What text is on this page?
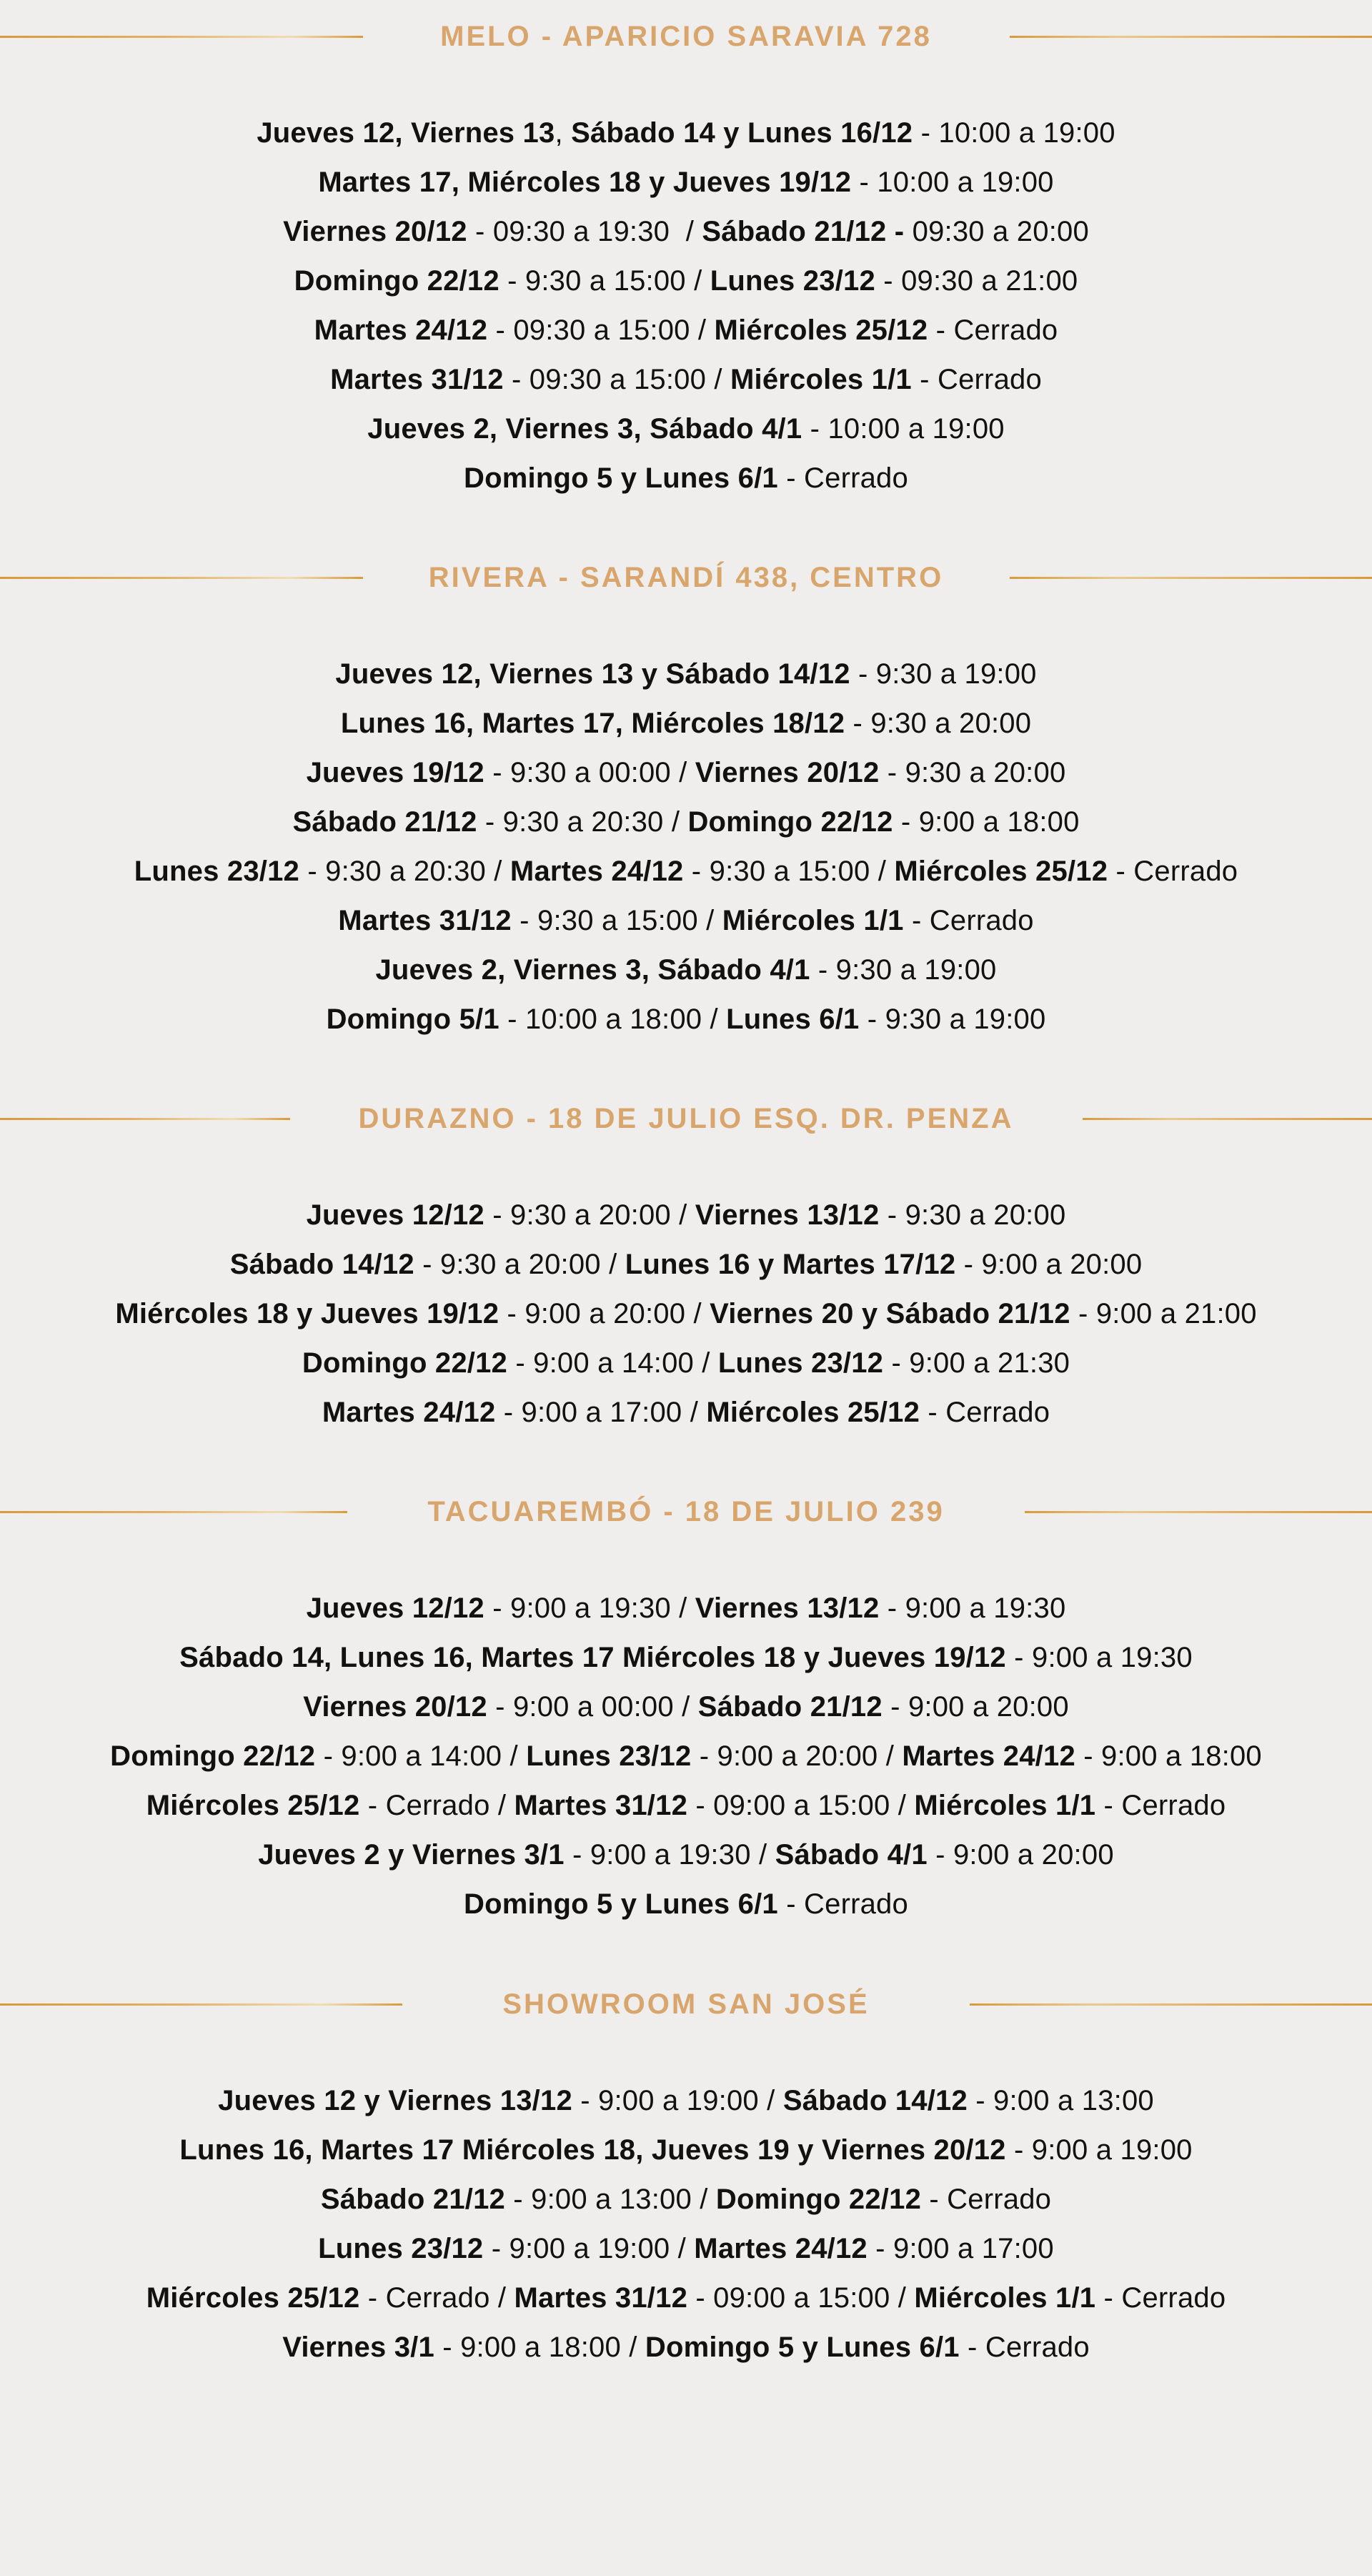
MELO - APARICIO SARAVIA 728
Jueves 12, Viernes 13, Sábado 14 y Lunes 16/12 - 10:00 a 19:00
Martes 17, Miércoles 18 y Jueves 19/12 - 10:00 a 19:00
Viernes 20/12 - 09:30 a 19:30  / Sábado 21/12 - 09:30 a 20:00
Domingo 22/12 - 9:30 a 15:00 / Lunes 23/12 - 09:30 a 21:00
Martes 24/12 - 09:30 a 15:00 / Miércoles 25/12 - Cerrado
Martes 31/12 - 09:30 a 15:00 / Miércoles 1/1 - Cerrado
Jueves 2, Viernes 3, Sábado 4/1 - 10:00 a 19:00
Domingo 5 y Lunes 6/1 - Cerrado
RIVERA - SARANDÍ 438, CENTRO
Jueves 12, Viernes 13 y Sábado 14/12 - 9:30 a 19:00
Lunes 16, Martes 17, Miércoles 18/12 - 9:30 a 20:00
Jueves 19/12 - 9:30 a 00:00 / Viernes 20/12 - 9:30 a 20:00
Sábado 21/12 - 9:30 a 20:30 / Domingo 22/12 - 9:00 a 18:00
Lunes 23/12 - 9:30 a 20:30 / Martes 24/12 - 9:30 a 15:00 / Miércoles 25/12 - Cerrado
Martes 31/12 - 9:30 a 15:00 / Miércoles 1/1 - Cerrado
Jueves 2, Viernes 3, Sábado 4/1 - 9:30 a 19:00
Domingo 5/1 - 10:00 a 18:00 / Lunes 6/1 - 9:30 a 19:00
DURAZNO - 18 DE JULIO ESQ. DR. PENZA
Jueves 12/12 - 9:30 a 20:00 / Viernes 13/12 - 9:30 a 20:00
Sábado 14/12 - 9:30 a 20:00 / Lunes 16 y Martes 17/12 - 9:00 a 20:00
Miércoles 18 y Jueves 19/12 - 9:00 a 20:00 / Viernes 20 y Sábado 21/12 - 9:00 a 21:00
Domingo 22/12 - 9:00 a 14:00 / Lunes 23/12 - 9:00 a 21:30
Martes 24/12 - 9:00 a 17:00 / Miércoles 25/12 - Cerrado
TACUAREMBÓ - 18 DE JULIO 239
Jueves 12/12 - 9:00 a 19:30 / Viernes 13/12 - 9:00 a 19:30
Sábado 14, Lunes 16, Martes 17 Miércoles 18 y Jueves 19/12 - 9:00 a 19:30
Viernes 20/12 - 9:00 a 00:00 / Sábado 21/12 - 9:00 a 20:00
Domingo 22/12 - 9:00 a 14:00 / Lunes 23/12 - 9:00 a 20:00 / Martes 24/12 - 9:00 a 18:00
Miércoles 25/12 - Cerrado / Martes 31/12 - 09:00 a 15:00 / Miércoles 1/1 - Cerrado
Jueves 2 y Viernes 3/1 - 9:00 a 19:30 / Sábado 4/1 - 9:00 a 20:00
Domingo 5 y Lunes 6/1 - Cerrado
SHOWROOM SAN JOSÉ
Jueves 12 y Viernes 13/12 - 9:00 a 19:00 / Sábado 14/12 - 9:00 a 13:00
Lunes 16, Martes 17 Miércoles 18, Jueves 19 y Viernes 20/12 - 9:00 a 19:00
Sábado 21/12 - 9:00 a 13:00 / Domingo 22/12 - Cerrado
Lunes 23/12 - 9:00 a 19:00 / Martes 24/12 - 9:00 a 17:00
Miércoles 25/12 - Cerrado / Martes 31/12 - 09:00 a 15:00 / Miércoles 1/1 - Cerrado
Viernes 3/1 - 9:00 a 18:00 / Domingo 5 y Lunes 6/1 - Cerrado
